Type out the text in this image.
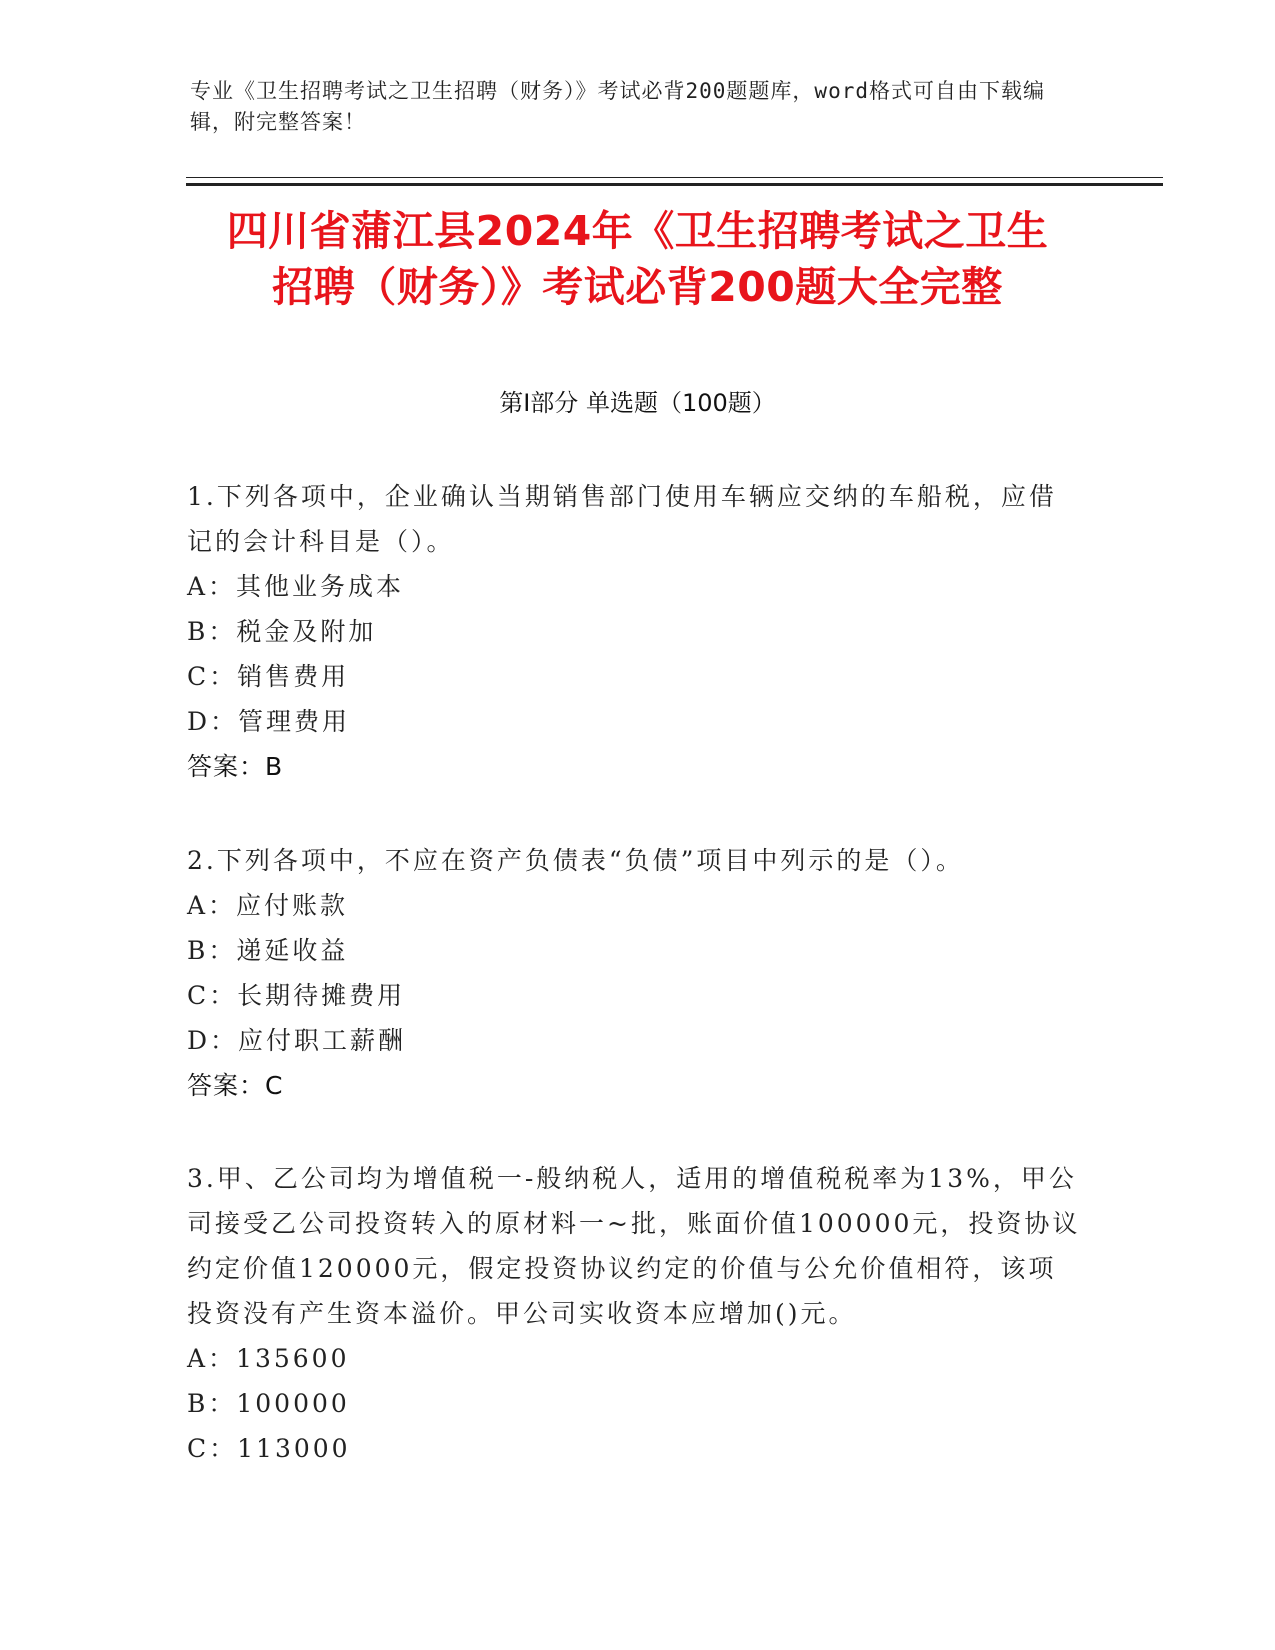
专业《卫生招聘考试之卫生招聘（财务）》考试必背200题题库，word格式可自由下载编辑，附完整答案！
四川省蒲江县2024年《卫生招聘考试之卫生
招聘（财务）》考试必背200题大全完整
第Ⅰ部分 单选题（100题）

1.下列各项中，企业确认当期销售部门使用车辆应交纳的车船税，应借记的会计科目是（）。

A：其他业务成本

B：税金及附加

C：销售费用

D：管理费用

答案：B

2.下列各项中，不应在资产负债表“负债”项目中列示的是（）。

A：应付账款

B：递延收益

C：长期待摊费用

D：应付职工薪酬

答案：C

3.甲、乙公司均为增值税一-般纳税人，适用的增值税税率为13%，甲公司接受乙公司投资转入的原材料一~批，账面价值100000元，投资协议约定价值120000元，假定投资协议约定的价值与公允价值相符，该项投资没有产生资本溢价。甲公司实收资本应增加()元。

A：135600

B：100000

C：113000
